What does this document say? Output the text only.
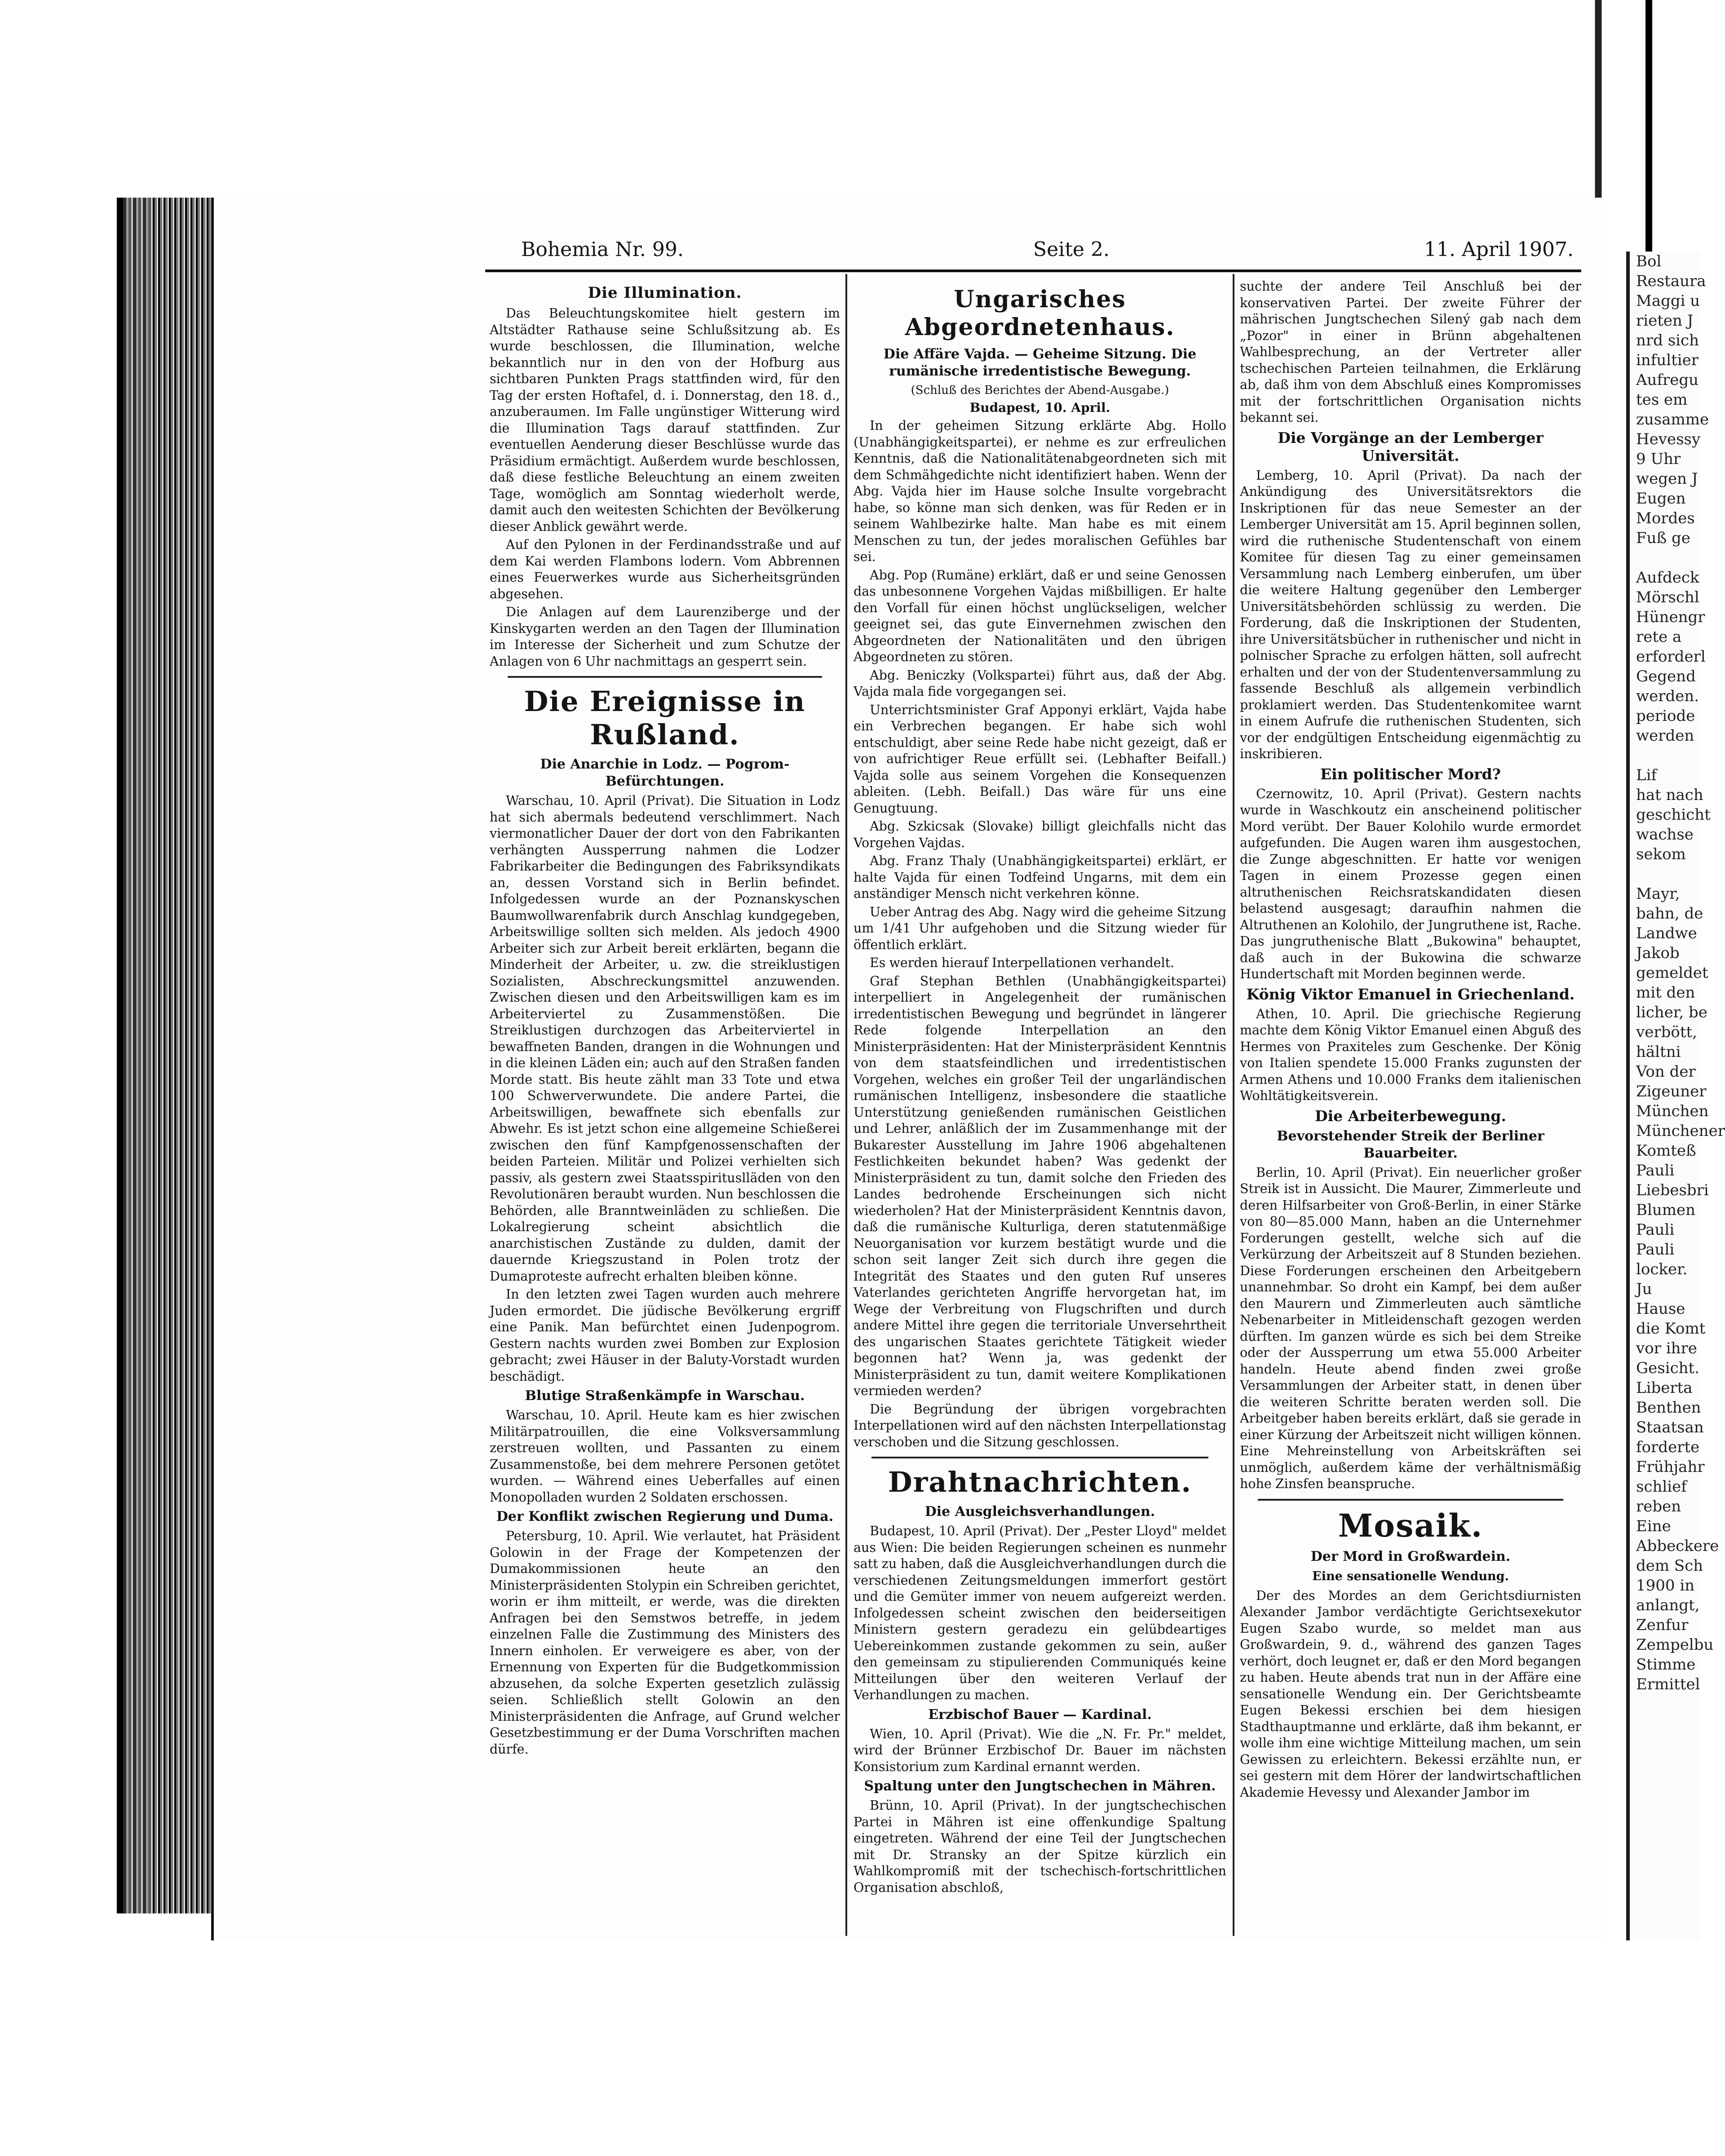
Bohemia Nr. 99.	Seite 2.	11. April 1907.
Die Illumination.

Das Beleuchtungskomitee hielt gestern im Altstädter Rathause seine Schlußsitzung ab. Es wurde beschlossen, die Illumination, welche bekanntlich nur in den von der Hofburg aus sichtbaren Punkten Prags stattfinden wird, für den Tag der ersten Hoftafel, d. i. Donnerstag, den 18. d., anzuberaumen. Im Falle ungünstiger Witterung wird die Illumination Tags darauf stattfinden. Zur eventuellen Aenderung dieser Beschlüsse wurde das Präsidium ermächtigt. Außerdem wurde beschlossen, daß diese festliche Beleuchtung an einem zweiten Tage, womöglich am Sonntag wiederholt werde, damit auch den weitesten Schichten der Bevölkerung dieser Anblick gewährt werde.

Auf den Pylonen in der Ferdinandsstraße und auf dem Kai werden Flambons lodern. Vom Abbrennen eines Feuerwerkes wurde aus Sicherheitsgründen abgesehen.

Die Anlagen auf dem Laurenziberge und der Kinskygarten werden an den Tagen der Illumination im Interesse der Sicherheit und zum Schutze der Anlagen von 6 Uhr nachmittags an gesperrt sein.

Die Ereignisse in Rußland.
Die Anarchie in Lodz. — Pogrom-Befürchtungen.

Warschau, 10. April (Privat). Die Situation in Lodz hat sich abermals bedeutend verschlimmert. Nach viermonatlicher Dauer der dort von den Fabrikanten verhängten Aussperrung nahmen die Lodzer Fabrikarbeiter die Bedingungen des Fabriksyndikats an, dessen Vorstand sich in Berlin befindet. Infolgedessen wurde an der Poznanskyschen Baumwollwarenfabrik durch Anschlag kundgegeben, Arbeitswillige sollten sich melden. Als jedoch 4900 Arbeiter sich zur Arbeit bereit erklärten, begann die Minderheit der Arbeiter, u. zw. die streiklustigen Sozialisten, Abschreckungsmittel anzuwenden. Zwischen diesen und den Arbeitswilligen kam es im Arbeiterviertel zu Zusammenstößen. Die Streiklustigen durchzogen das Arbeiterviertel in bewaffneten Banden, drangen in die Wohnungen und in die kleinen Läden ein; auch auf den Straßen fanden Morde statt. Bis heute zählt man 33 Tote und etwa 100 Schwerverwundete. Die andere Partei, die Arbeitswilligen, bewaffnete sich ebenfalls zur Abwehr. Es ist jetzt schon eine allgemeine Schießerei zwischen den fünf Kampfgenossenschaften der beiden Parteien. Militär und Polizei verhielten sich passiv, als gestern zwei Staatsspirituslläden von den Revolutionären beraubt wurden. Nun beschlossen die Behörden, alle Branntweinläden zu schließen. Die Lokalregierung scheint absichtlich die anarchistischen Zustände zu dulden, damit der dauernde Kriegszustand in Polen trotz der Dumaproteste aufrecht erhalten bleiben könne.

In den letzten zwei Tagen wurden auch mehrere Juden ermordet. Die jüdische Bevölkerung ergriff eine Panik. Man befürchtet einen Judenpogrom. Gestern nachts wurden zwei Bomben zur Explosion gebracht; zwei Häuser in der Baluty-Vorstadt wurden beschädigt.

Blutige Straßenkämpfe in Warschau.

Warschau, 10. April. Heute kam es hier zwischen Militärpatrouillen, die eine Volksversammlung zerstreuen wollten, und Passanten zu einem Zusammenstoße, bei dem mehrere Personen getötet wurden. — Während eines Ueberfalles auf einen Monopolladen wurden 2 Soldaten erschossen.

Der Konflikt zwischen Regierung und Duma.

Petersburg, 10. April. Wie verlautet, hat Präsident Golowin in der Frage der Kompetenzen der Dumakommissionen heute an den Ministerpräsidenten Stolypin ein Schreiben gerichtet, worin er ihm mitteilt, er werde, was die direkten Anfragen bei den Semstwos betreffe, in jedem einzelnen Falle die Zustimmung des Ministers des Innern einholen. Er verweigere es aber, von der Ernennung von Experten für die Budgetkommission abzusehen, da solche Experten gesetzlich zulässig seien. Schließlich stellt Golowin an den Ministerpräsidenten die Anfrage, auf Grund welcher Gesetzbestimmung er der Duma Vorschriften machen dürfe.

Ungarisches Abgeordnetenhaus.
Die Affäre Vajda. — Geheime Sitzung. Die rumänische irredentistische Bewegung.
(Schluß des Berichtes der Abend-Ausgabe.)
Budapest, 10. April.

In der geheimen Sitzung erklärte Abg. Hollo (Unabhängigkeitspartei), er nehme es zur erfreulichen Kenntnis, daß die Nationalitätenabgeordneten sich mit dem Schmähgedichte nicht identifiziert haben. Wenn der Abg. Vajda hier im Hause solche Insulte vorgebracht habe, so könne man sich denken, was für Reden er in seinem Wahlbezirke halte. Man habe es mit einem Menschen zu tun, der jedes moralischen Gefühles bar sei.

Abg. Pop (Rumäne) erklärt, daß er und seine Genossen das unbesonnene Vorgehen Vajdas mißbilligen. Er halte den Vorfall für einen höchst unglückseligen, welcher geeignet sei, das gute Einvernehmen zwischen den Abgeordneten der Nationalitäten und den übrigen Abgeordneten zu stören.

Abg. Beniczky (Volkspartei) führt aus, daß der Abg. Vajda mala fide vorgegangen sei.

Unterrichtsminister Graf Apponyi erklärt, Vajda habe ein Verbrechen begangen. Er habe sich wohl entschuldigt, aber seine Rede habe nicht gezeigt, daß er von aufrichtiger Reue erfüllt sei. (Lebhafter Beifall.) Vajda solle aus seinem Vorgehen die Konsequenzen ableiten. (Lebh. Beifall.) Das wäre für uns eine Genugtuung.

Abg. Szkicsak (Slovake) billigt gleichfalls nicht das Vorgehen Vajdas.

Abg. Franz Thaly (Unabhängigkeitspartei) erklärt, er halte Vajda für einen Todfeind Ungarns, mit dem ein anständiger Mensch nicht verkehren könne.

Ueber Antrag des Abg. Nagy wird die geheime Sitzung um 1/41 Uhr aufgehoben und die Sitzung wieder für öffentlich erklärt.

Es werden hierauf Interpellationen verhandelt.

Graf Stephan Bethlen (Unabhängigkeitspartei) interpelliert in Angelegenheit der rumänischen irredentistischen Bewegung und begründet in längerer Rede folgende Interpellation an den Ministerpräsidenten: Hat der Ministerpräsident Kenntnis von dem staatsfeindlichen und irredentistischen Vorgehen, welches ein großer Teil der ungarländischen rumänischen Intelligenz, insbesondere die staatliche Unterstützung genießenden rumänischen Geistlichen und Lehrer, anläßlich der im Zusammenhange mit der Bukarester Ausstellung im Jahre 1906 abgehaltenen Festlichkeiten bekundet haben? Was gedenkt der Ministerpräsident zu tun, damit solche den Frieden des Landes bedrohende Erscheinungen sich nicht wiederholen? Hat der Ministerpräsident Kenntnis davon, daß die rumänische Kulturliga, deren statutenmäßige Neuorganisation vor kurzem bestätigt wurde und die schon seit langer Zeit sich durch ihre gegen die Integrität des Staates und den guten Ruf unseres Vaterlandes gerichteten Angriffe hervorgetan hat, im Wege der Verbreitung von Flugschriften und durch andere Mittel ihre gegen die territoriale Unversehrtheit des ungarischen Staates gerichtete Tätigkeit wieder begonnen hat? Wenn ja, was gedenkt der Ministerpräsident zu tun, damit weitere Komplikationen vermieden werden?

Die Begründung der übrigen vorgebrachten Interpellationen wird auf den nächsten Interpellationstag verschoben und die Sitzung geschlossen.

Drahtnachrichten.
Die Ausgleichsverhandlungen.

Budapest, 10. April (Privat). Der „Pester Lloyd" meldet aus Wien: Die beiden Regierungen scheinen es nunmehr satt zu haben, daß die Ausgleichverhandlungen durch die verschiedenen Zeitungsmeldungen immerfort gestört und die Gemüter immer von neuem aufgereizt werden. Infolgedessen scheint zwischen den beiderseitigen Ministern gestern geradezu ein gelübdeartiges Uebereinkommen zustande gekommen zu sein, außer den gemeinsam zu stipulierenden Communiqués keine Mitteilungen über den weiteren Verlauf der Verhandlungen zu machen.

Erzbischof Bauer — Kardinal.

Wien, 10. April (Privat). Wie die „N. Fr. Pr." meldet, wird der Brünner Erzbischof Dr. Bauer im nächsten Konsistorium zum Kardinal ernannt werden.

Spaltung unter den Jungtschechen in Mähren.

Brünn, 10. April (Privat). In der jungtschechischen Partei in Mähren ist eine offenkundige Spaltung eingetreten. Während der eine Teil der Jungtschechen mit Dr. Stransky an der Spitze kürzlich ein Wahlkompromiß mit der tschechisch-fortschrittlichen Organisation abschloß,

suchte der andere Teil Anschluß bei der konservativen Partei. Der zweite Führer der mährischen Jungtschechen Silený gab nach dem „Pozor" in einer in Brünn abgehaltenen Wahlbesprechung, an der Vertreter aller tschechischen Parteien teilnahmen, die Erklärung ab, daß ihm von dem Abschluß eines Kompromisses mit der fortschrittlichen Organisation nichts bekannt sei.

Die Vorgänge an der Lemberger Universität.

Lemberg, 10. April (Privat). Da nach der Ankündigung des Universitätsrektors die Inskriptionen für das neue Semester an der Lemberger Universität am 15. April beginnen sollen, wird die ruthenische Studentenschaft von einem Komitee für diesen Tag zu einer gemeinsamen Versammlung nach Lemberg einberufen, um über die weitere Haltung gegenüber den Lemberger Universitätsbehörden schlüssig zu werden. Die Forderung, daß die Inskriptionen der Studenten, ihre Universitätsbücher in ruthenischer und nicht in polnischer Sprache zu erfolgen hätten, soll aufrecht erhalten und der von der Studentenversammlung zu fassende Beschluß als allgemein verbindlich proklamiert werden. Das Studentenkomitee warnt in einem Aufrufe die ruthenischen Studenten, sich vor der endgültigen Entscheidung eigenmächtig zu inskribieren.

Ein politischer Mord?

Czernowitz, 10. April (Privat). Gestern nachts wurde in Waschkoutz ein anscheinend politischer Mord verübt. Der Bauer Kolohilo wurde ermordet aufgefunden. Die Augen waren ihm ausgestochen, die Zunge abgeschnitten. Er hatte vor wenigen Tagen in einem Prozesse gegen einen altruthenischen Reichsratskandidaten diesen belastend ausgesagt; daraufhin nahmen die Altruthenen an Kolohilo, der Jungruthene ist, Rache. Das jungruthenische Blatt „Bukowina" behauptet, daß auch in der Bukowina die schwarze Hundertschaft mit Morden beginnen werde.

König Viktor Emanuel in Griechenland.

Athen, 10. April. Die griechische Regierung machte dem König Viktor Emanuel einen Abguß des Hermes von Praxiteles zum Geschenke. Der König von Italien spendete 15.000 Franks zugunsten der Armen Athens und 10.000 Franks dem italienischen Wohltätigkeitsverein.

Die Arbeiterbewegung.
Bevorstehender Streik der Berliner Bauarbeiter.

Berlin, 10. April (Privat). Ein neuerlicher großer Streik ist in Aussicht. Die Maurer, Zimmerleute und deren Hilfsarbeiter von Groß-Berlin, in einer Stärke von 80—85.000 Mann, haben an die Unternehmer Forderungen gestellt, welche sich auf die Verkürzung der Arbeitszeit auf 8 Stunden beziehen. Diese Forderungen erscheinen den Arbeitgebern unannehmbar. So droht ein Kampf, bei dem außer den Maurern und Zimmerleuten auch sämtliche Nebenarbeiter in Mitleidenschaft gezogen werden dürften. Im ganzen würde es sich bei dem Streike oder der Aussperrung um etwa 55.000 Arbeiter handeln. Heute abend finden zwei große Versammlungen der Arbeiter statt, in denen über die weiteren Schritte beraten werden soll. Die Arbeitgeber haben bereits erklärt, daß sie gerade in einer Kürzung der Arbeitszeit nicht willigen können. Eine Mehreinstellung von Arbeitskräften sei unmöglich, außerdem käme der verhältnismäßig hohe Zinsfen beanspruche.

Mosaik.
Der Mord in Großwardein.
Eine sensationelle Wendung.

Der des Mordes an dem Gerichtsdiurnisten Alexander Jambor verdächtigte Gerichtsexekutor Eugen Szabo wurde, so meldet man aus Großwardein, 9. d., während des ganzen Tages verhört, doch leugnet er, daß er den Mord begangen zu haben. Heute abends trat nun in der Affäre eine sensationelle Wendung ein. Der Gerichtsbeamte Eugen Bekessi erschien bei dem hiesigen Stadthauptmanne und erklärte, daß ihm bekannt, er wolle ihm eine wichtige Mitteilung machen, um sein Gewissen zu erleichtern. Bekessi erzählte nun, er sei gestern mit dem Hörer der landwirtschaftlichen Akademie Hevessy und Alexander Jambor im

Bol
Restaura
Maggi u
rieten J
nrd sich
infultier
Aufregu
tes em
zusamme
Hevessy
9 Uhr
wegen J
Eugen
Mordes
Fuß ge

Aufdeck
Mörschl
Hünengr
rete a
erforderl
Gegend
werden.
periode
werden

Lif
hat nach
geschicht
wachse
sekom

Mayr,
bahn, de
Landwe
Jakob
gemeldet
mit den
licher, be
verbött,
hältni
Von der
Zigeuner
München
Münchener
Komteß
Pauli
Liebesbri
Blumen
Pauli
Pauli
locker.
Ju
Hause
die Komt
vor ihre
Gesicht.
Liberta
Benthen
Staatsan
forderte
Frühjahr
schlief
reben
Eine
Abbeckere
dem Sch
1900 in
anlangt,
Zenfur
Zempelbu
Stimme
Ermittel
